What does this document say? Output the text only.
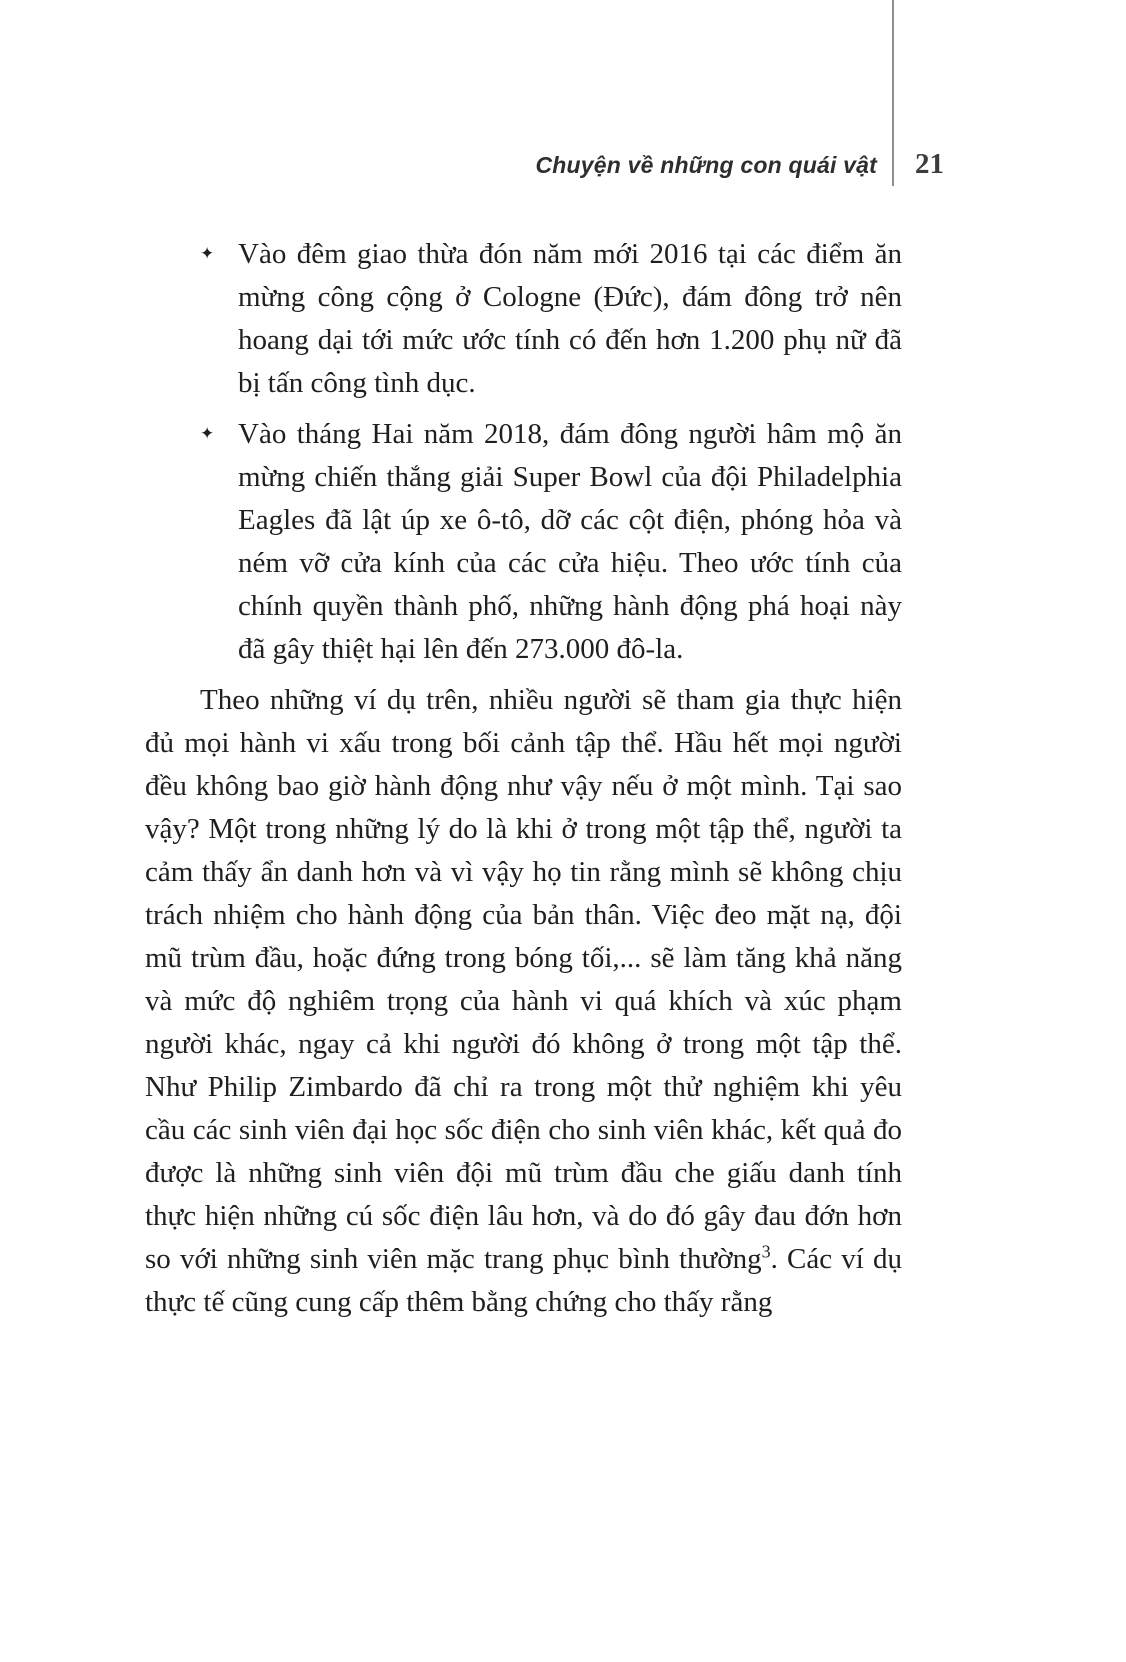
Chuyện về những con quái vật 21
✦ Vào đêm giao thừa đón năm mới 2016 tại các điểm ăn mừng công cộng ở Cologne (Đức), đám đông trở nên hoang dại tới mức ước tính có đến hơn 1.200 phụ nữ đã bị tấn công tình dục.
✦ Vào tháng Hai năm 2018, đám đông người hâm mộ ăn mừng chiến thắng giải Super Bowl của đội Philadelphia Eagles đã lật úp xe ô-tô, dỡ các cột điện, phóng hỏa và ném vỡ cửa kính của các cửa hiệu. Theo ước tính của chính quyền thành phố, những hành động phá hoại này đã gây thiệt hại lên đến 273.000 đô-la.

Theo những ví dụ trên, nhiều người sẽ tham gia thực hiện đủ mọi hành vi xấu trong bối cảnh tập thể. Hầu hết mọi người đều không bao giờ hành động như vậy nếu ở một mình. Tại sao vậy? Một trong những lý do là khi ở trong một tập thể, người ta cảm thấy ẩn danh hơn và vì vậy họ tin rằng mình sẽ không chịu trách nhiệm cho hành động của bản thân. Việc đeo mặt nạ, đội mũ trùm đầu, hoặc đứng trong bóng tối,... sẽ làm tăng khả năng và mức độ nghiêm trọng của hành vi quá khích và xúc phạm người khác, ngay cả khi người đó không ở trong một tập thể. Như Philip Zimbardo đã chỉ ra trong một thử nghiệm khi yêu cầu các sinh viên đại học sốc điện cho sinh viên khác, kết quả đo được là những sinh viên đội mũ trùm đầu che giấu danh tính thực hiện những cú sốc điện lâu hơn, và do đó gây đau đớn hơn so với những sinh viên mặc trang phục bình thường$^3$. Các ví dụ thực tế cũng cung cấp thêm bằng chứng cho thấy rằng
